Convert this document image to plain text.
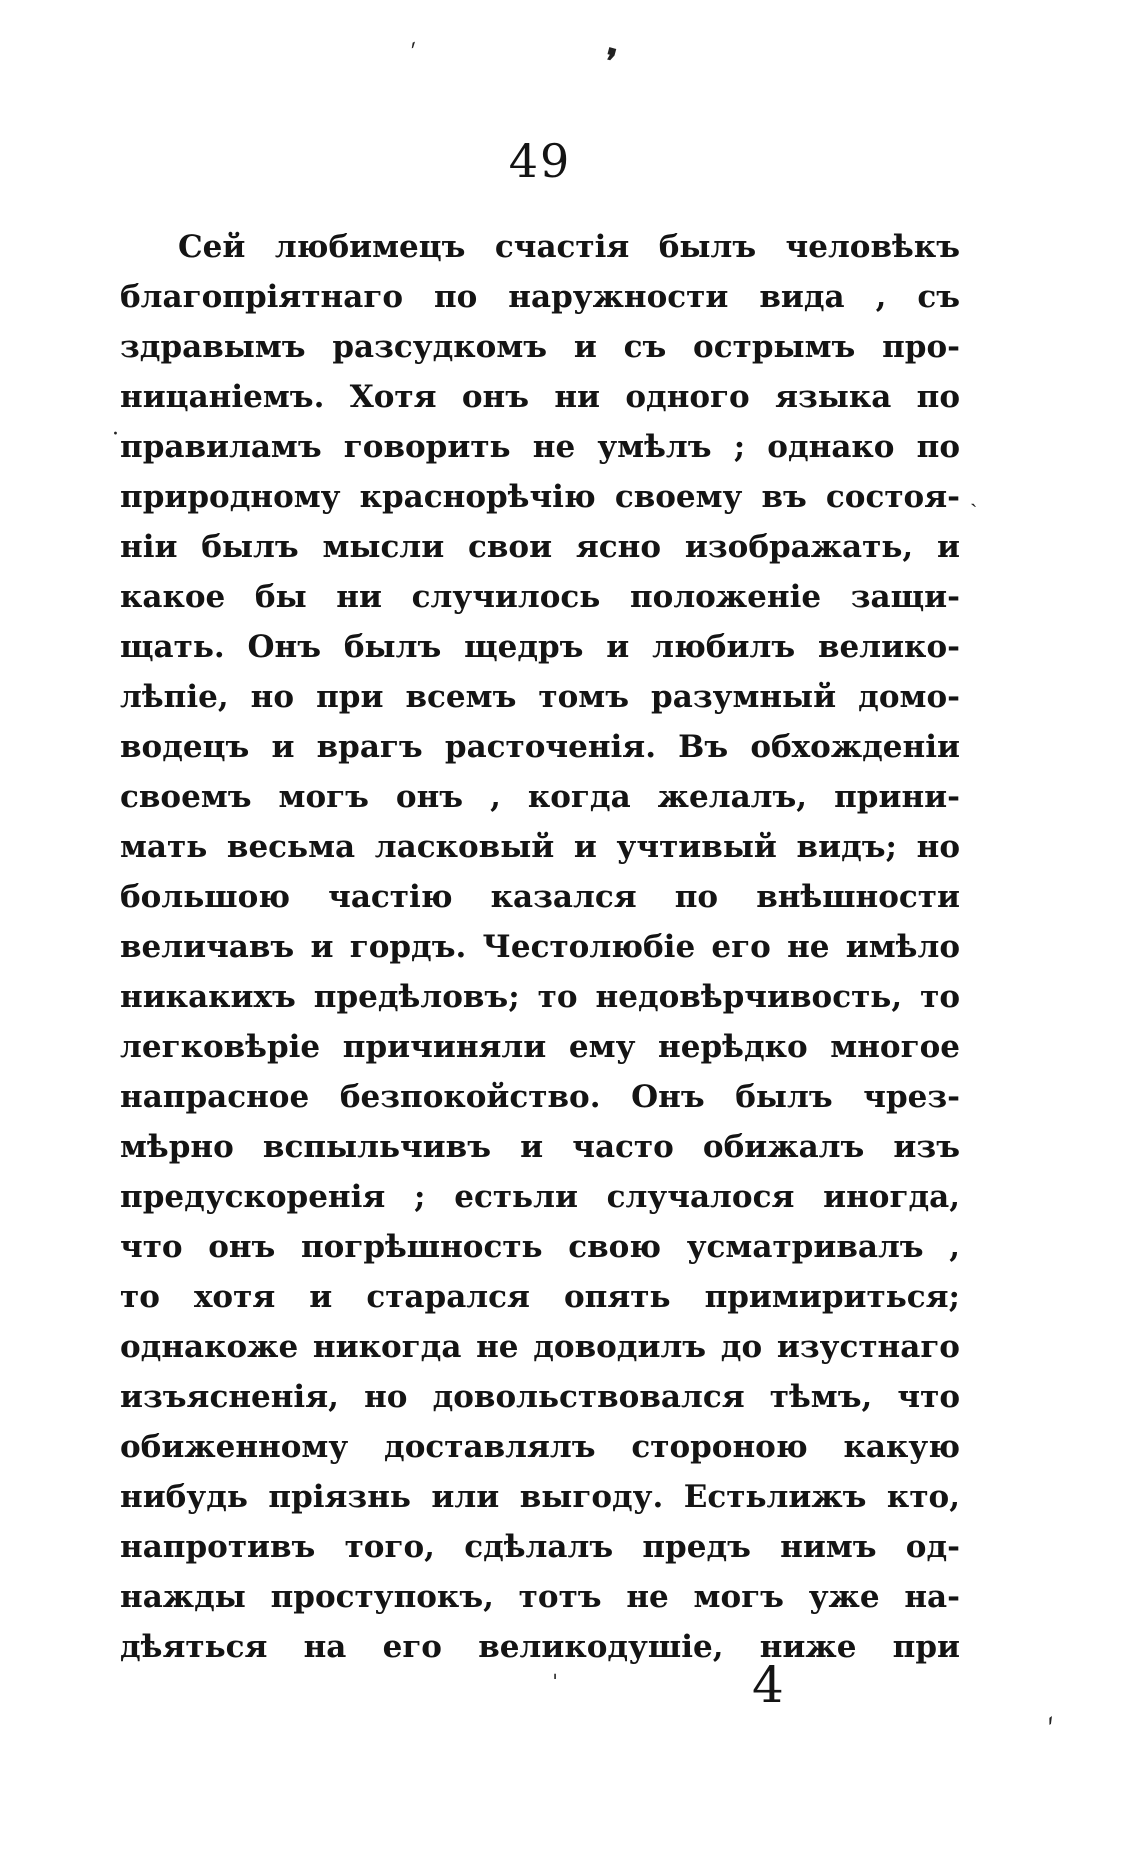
ˊ	❜
·
ˏ
ˈ
ˊ
49
Сей любимецъ счастія былъ человѣкъ
благопріятнаго по наружности вида , съ
здравымъ разсудкомъ и съ острымъ про-
ницаніемъ. Хотя онъ ни одного языка по
правиламъ говорить не умѣлъ ; однако по
природному краснорѣчію своему въ состоя-
ніи былъ мысли свои ясно изображать, и
какое бы ни случилось положеніе защи-
щать. Онъ былъ щедръ и любилъ велико-
лѣпіе, но при всемъ томъ разумный домо-
водецъ и врагъ расточенія. Въ обхожденіи
своемъ могъ онъ , когда желалъ, прини-
мать весьма ласковый и учтивый видъ; но
большою частію казался по внѣшности
величавъ и гордъ. Честолюбіе его не имѣло
никакихъ предѣловъ; то недовѣрчивость, то
легковѣріе причиняли ему нерѣдко многое
напрасное безпокойство. Онъ былъ чрез-
мѣрно вспыльчивъ и часто обижалъ изъ
предускоренія ; естьли случалося иногда,
что онъ погрѣшность свою усматривалъ ,
то хотя и старался опять примириться;
однакоже никогда не доводилъ до изустнаго
изъясненія, но довольствовался тѣмъ, что
обиженному доставлялъ стороною какую
нибудь пріязнь или выгоду. Естьлижъ кто,
напротивъ того, сдѣлалъ предъ нимъ од-
нажды проступокъ, тотъ не могъ уже на-
дѣяться на его великодушіе, ниже при
4
